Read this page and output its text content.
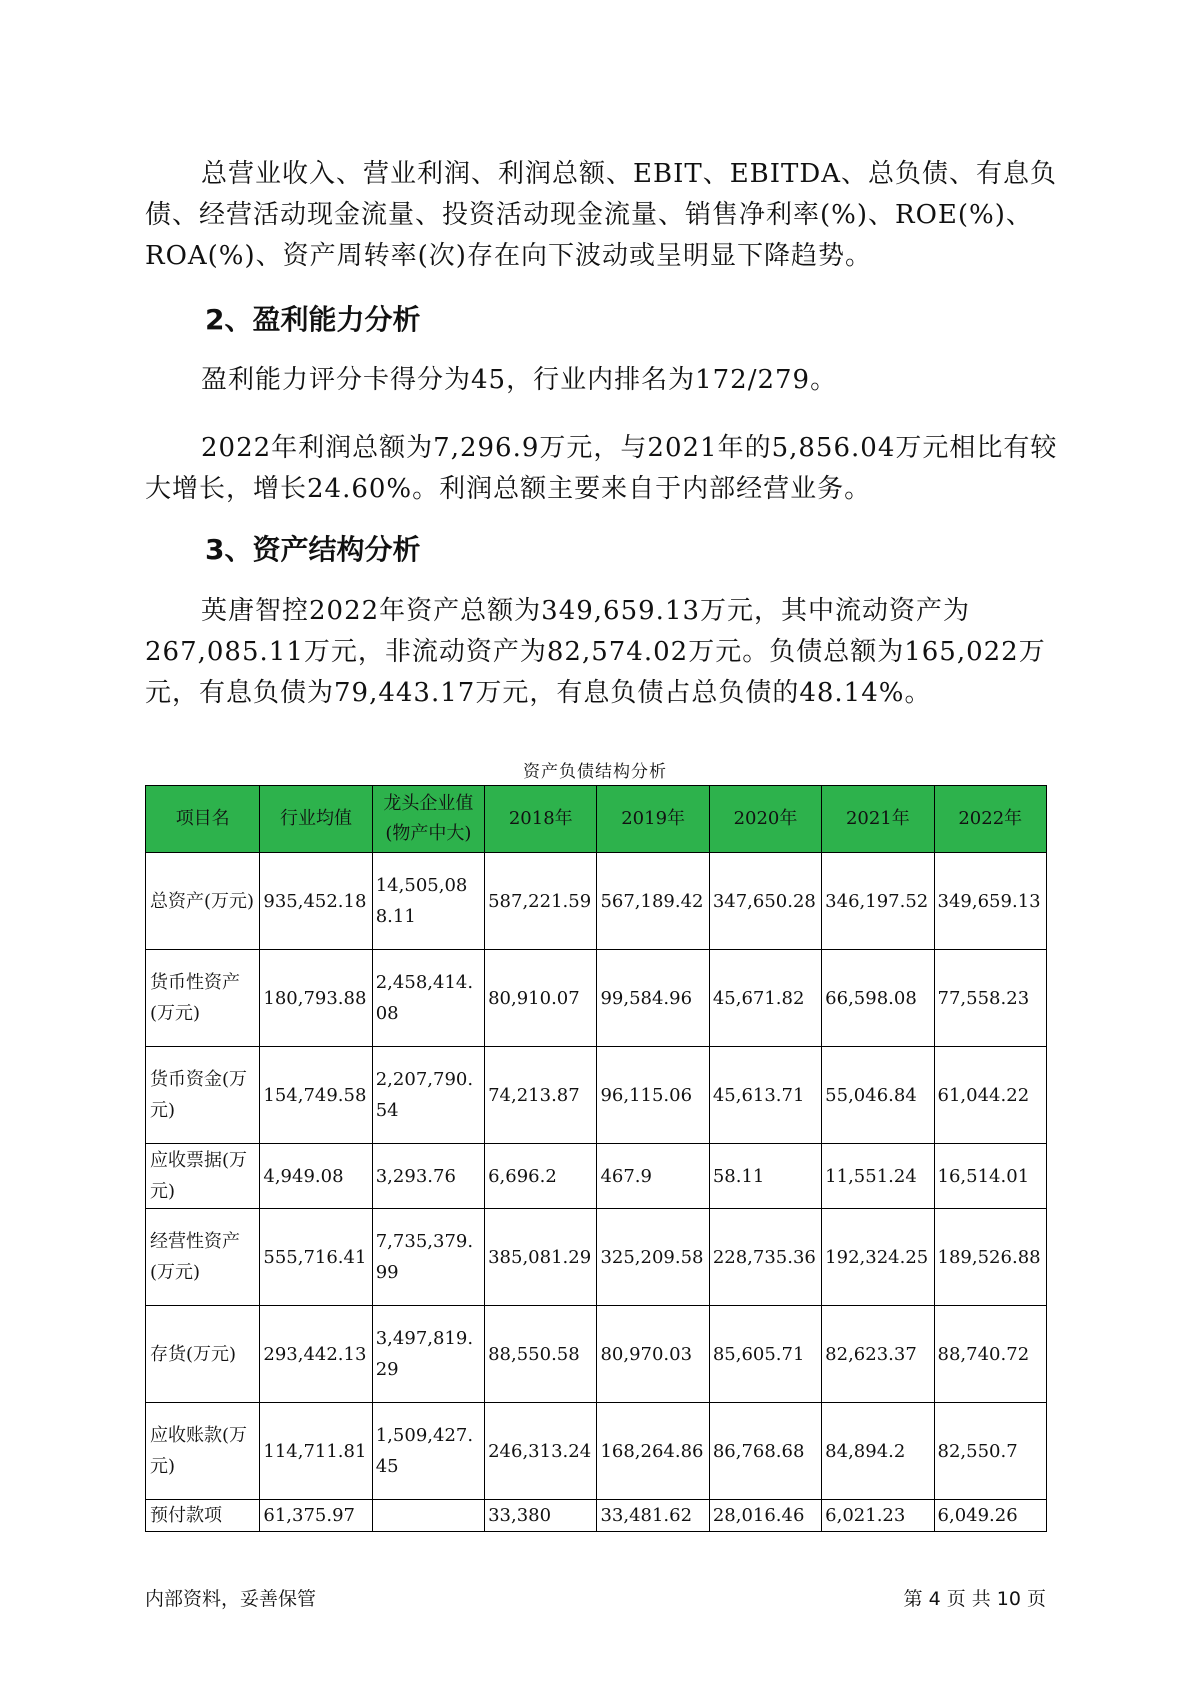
总营业收入、营业利润、利润总额、EBIT、EBITDA、总负债、有息负债、经营活动现金流量、投资活动现金流量、销售净利率(%)、ROE(%)、ROA(%)、资产周转率(次)存在向下波动或呈明显下降趋势。

2、盈利能力分析

盈利能力评分卡得分为45，行业内排名为172/279。

2022年利润总额为7,296.9万元，与2021年的5,856.04万元相比有较大增长，增长24.60%。利润总额主要来自于内部经营业务。

3、资产结构分析

英唐智控2022年资产总额为349,659.13万元，其中流动资产为267,085.11万元，非流动资产为82,574.02万元。负债总额为165,022万元，有息负债为79,443.17万元，有息负债占总负债的48.14%。

资产负债结构分析
项目名	行业均值	龙头企业值(物产中大)	2018年	2019年	2020年	2021年	2022年
总资产(万元)	935,452.18	14,505,088.11	587,221.59	567,189.42	347,650.28	346,197.52	349,659.13
货币性资产(万元)	180,793.88	2,458,414.08	80,910.07	99,584.96	45,671.82	66,598.08	77,558.23
货币资金(万元)	154,749.58	2,207,790.54	74,213.87	96,115.06	45,613.71	55,046.84	61,044.22
应收票据(万元)	4,949.08	3,293.76	6,696.2	467.9	58.11	11,551.24	16,514.01
经营性资产(万元)	555,716.41	7,735,379.99	385,081.29	325,209.58	228,735.36	192,324.25	189,526.88
存货(万元)	293,442.13	3,497,819.29	88,550.58	80,970.03	85,605.71	82,623.37	88,740.72
应收账款(万元)	114,711.81	1,509,427.45	246,313.24	168,264.86	86,768.68	84,894.2	82,550.7
预付款项	61,375.97		33,380	33,481.62	28,016.46	6,021.23	6,049.26
内部资料，妥善保管	第 4 页 共 10 页
